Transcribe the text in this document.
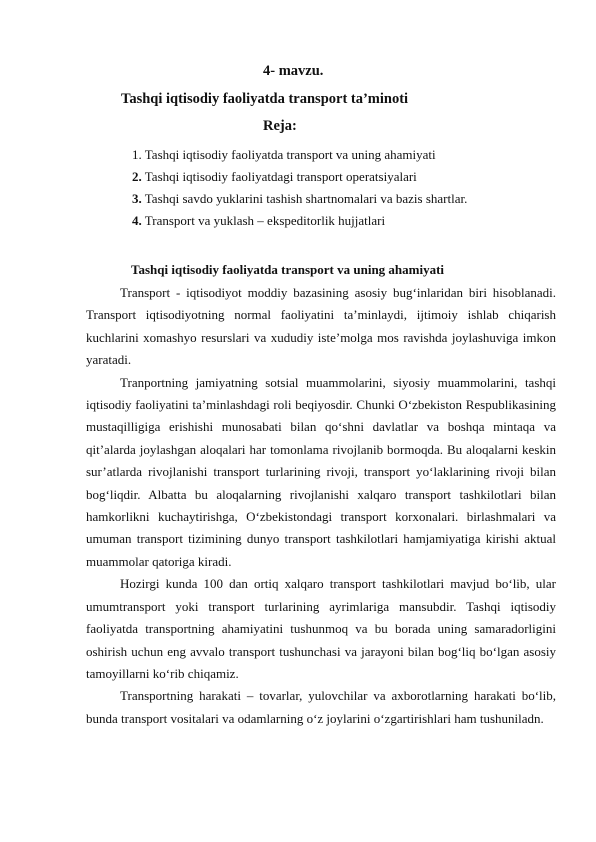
4- mavzu.
Tashqi iqtisodiy faoliyatda transport ta’minoti
Reja:
1. Tashqi iqtisodiy faoliyatda transport va uning ahamiyati
2. Tashqi iqtisodiy faoliyatdagi transport operatsiyalari
3. Tashqi savdo yuklarini tashish shartnomalari va bazis shartlar.
4. Transport va yuklash – ekspeditorlik hujjatlari
Tashqi iqtisodiy faoliyatda transport va uning ahamiyati

Transport - iqtisodiyot moddiy bazasining asosiy bug‘inlaridan biri hisoblanadi. Transport iqtisodiyotning normal faoliyatini ta’minlaydi, ijtimoiy ishlab chiqarish kuchlarini xomashyo resurslari va xududiy iste’molga mos ravishda joylashuviga imkon yaratadi.

Tranportning jamiyatning sotsial muammolarini, siyosiy muammolarini, tashqi iqtisodiy faoliyatini ta’minlashdagi roli beqiyosdir. Chunki O‘zbekiston Respublikasining mustaqilligiga erishishi munosabati bilan qo‘shni davlatlar va boshqa mintaqa va qit’alarda joylashgan aloqalari har tomonlama rivojlanib bormoqda. Bu aloqalarni keskin sur’atlarda rivojlanishi transport turlarining rivoji, transport yo‘laklarining rivoji bilan bog‘liqdir. Albatta bu aloqalarning rivojlanishi xalqaro transport tashkilotlari bilan hamkorlikni kuchaytirishga, O‘zbekistondagi transport korxonalari. birlashmalari va umuman transport tizimining dunyo transport tashkilotlari hamjamiyatiga kirishi aktual muammolar qatoriga kiradi.

Hozirgi kunda 100 dan ortiq xalqaro transport tashkilotlari mavjud bo‘lib, ular umumtransport yoki transport turlarining ayrimlariga mansubdir. Tashqi iqtisodiy faoliyatda transportning ahamiyatini tushunmoq va bu borada uning samaradorligini oshirish uchun eng avvalo transport tushunchasi va jarayoni bilan bog‘liq bo‘lgan asosiy tamoyillarni ko‘rib chiqamiz.

Transportning harakati – tovarlar, yulovchilar va axborotlarning harakati bo‘lib, bunda transport vositalari va odamlarning o‘z joylarini o‘zgartirishlari ham tushuniladn.
